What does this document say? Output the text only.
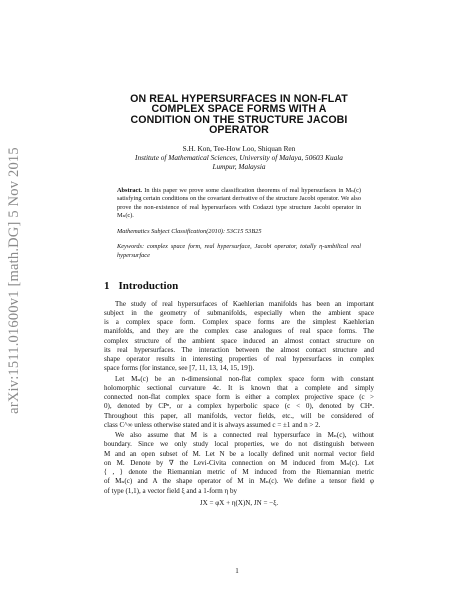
arXiv:1511.01600v1 [math.DG] 5 Nov 2015
ON REAL HYPERSURFACES IN NON-FLAT
COMPLEX SPACE FORMS WITH A
CONDITION ON THE STRUCTURE JACOBI
OPERATOR
S.H. Kon, Tee-How Loo, Shiquan Ren
Institute of Mathematical Sciences, University of Malaya, 50603 Kuala
Lumpur, Malaysia
Abstract. In this paper we prove some classification theorems of real hypersurfaces in Mₙ(c) satisfying certain conditions on the covariant derivative of the structure Jacobi operator. We also prove the non-existence of real hypersurfaces with Codazzi type structure Jacobi operator in Mₙ(c).
Mathematics Subject Classification(2010): 53C15 53B25
Keywords: complex space form, real hypersurface, Jacobi operator, totally η-umbilical real hypersurface
1 Introduction
The study of real hypersurfaces of Kaehlerian manifolds has been an important
subject in the geometry of submanifolds, especially when the ambient space
is a complex space form. Complex space forms are the simplest Kaehlerian
manifolds, and they are the complex case analogues of real space forms. The
complex structure of the ambient space induced an almost contact structure on
its real hypersurfaces. The interaction between the almost contact structure and
shape operator results in interesting properties of real hypersurfaces in complex
space forms (for instance, see [7, 11, 13, 14, 15, 19]).
Let Mₙ(c) be an n-dimensional non-flat complex space form with constant
holomorphic sectional curvature 4c. It is known that a complete and simply
connected non-flat complex space form is either a complex projective space (c >
0), denoted by CPⁿ, or a complex hyperbolic space (c < 0), denoted by CHⁿ.
Throughout this paper, all manifolds, vector fields, etc., will be considered of
class C^∞ unless otherwise stated and it is always assumed c = ±1 and n > 2.
We also assume that M is a connected real hypersurface in Mₙ(c), without
boundary. Since we only study local properties, we do not distinguish between
M and an open subset of M. Let N be a locally defined unit normal vector field
on M. Denote by ∇ the Levi-Civita connection on M induced from Mₙ(c). Let
⟨ , ⟩ denote the Riemannian metric of M induced from the Riemannian metric
of Mₙ(c) and A the shape operator of M in Mₙ(c). We define a tensor field φ
of type (1,1), a vector field ξ and a 1-form η by
JX = φX + η(X)N, JN = −ξ.
1
